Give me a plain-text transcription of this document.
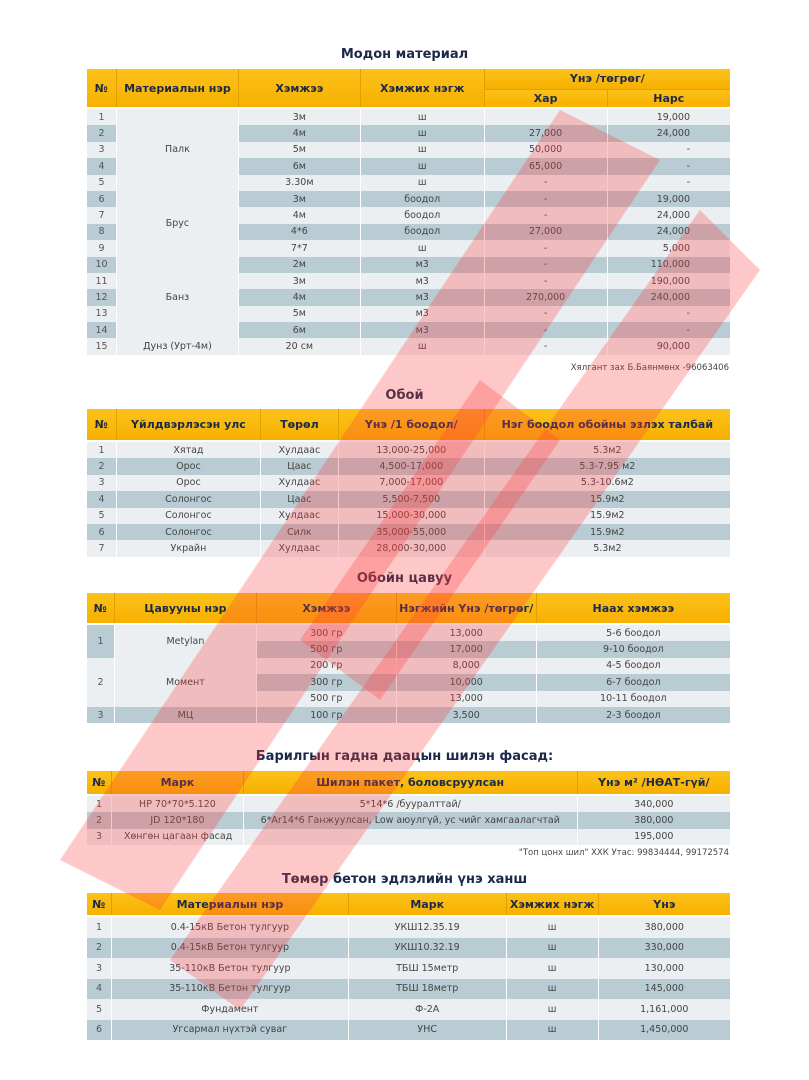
Модон материал
№	Материалын нэр	Хэмжээ	Хэмжих нэгж	Үнэ /төгрөг/	
				Хар	Нарс
1	Палк	3м	ш		19,000
2		4м	ш	27,000	24,000
3		5м	ш	50,000	-
4		6м	ш	65,000	-
5		3.30м	ш	-	-
6	Брус	3м	боодол	-	19,000
7		4м	боодол	-	24,000
8		4*6	боодол	27,000	24,000
9		7*7	ш	-	5,000
10	Банз	2м	м3	-	110,000
11		3м	м3	-	190,000
12		4м	м3	270,000	240,000
13		5м	м3	-	-
14		6м	м3	-	-
15	Дунз (Урт-4м)	20 см	ш	-	90,000
Хялгант зах Б.Баянмөнх -96063406
Обой
№	Үйлдвэрлэсэн улс	Төрөл	Үнэ /1 боодол/	Нэг боодол обойны эзлэх талбай
1	Хятад	Хулдаас	13,000-25,000	5.3м2
2	Орос	Цаас	4,500-17,000	5.3-7.95 м2
3	Орос	Хулдаас	7,000-17,000	5.3-10.6м2
4	Солонгос	Цаас	5,500-7,500	15.9м2
5	Солонгос	Хулдаас	15,000-30,000	15.9м2
6	Солонгос	Силк	35,000-55,000	15.9м2
7	Украйн	Хулдаас	28,000-30,000	5.3м2
Обойн цавуу
№	Цавууны нэр	Хэмжээ	Нэгжийн Үнэ /төгрөг/	Наах хэмжээ
1	Metylan	300 гр	13,000	5-6 боодол
		500 гр	17,000	9-10 боодол
2	Момент	200 гр	8,000	4-5 боодол
		300 гр	10,000	6-7 боодол
		500 гр	13,000	10-11 боодол
3	МЦ	100 гр	3,500	2-3 боодол
Барилгын гадна даацын шилэн фасад:
№	Марк	Шилэн пакет, боловсруулсан	Үнэ м² /НӨАТ-гүй/
1	HP 70*70*5.120	5*14*6 /бууралттай/	340,000
2	JD 120*180	6*Ar14*6 Ганжуулсан, Low аюулгүй, ус чийг хамгаалагчтай	380,000
3	Хөнгөн цагаан фасад		195,000
"Топ цонх шил" ХХК Утас: 99834444, 99172574
Төмөр бетон эдлэлийн үнэ ханш
№	Материалын нэр	Марк	Хэмжих нэгж	Үнэ
1	0.4-15кВ Бетон тулгуур	УКШ12.35.19	ш	380,000
2	0.4-15кВ Бетон тулгуур	УКШ10.32.19	ш	330,000
3	35-110кВ Бетон тулгуур	ТБШ 15метр	ш	130,000
4	35-110кВ Бетон тулгуур	ТБШ 18метр	ш	145,000
5	Фундамент	Ф-2А	ш	1,161,000
6	Угсармал нүхтэй суваг	УНС	ш	1,450,000
